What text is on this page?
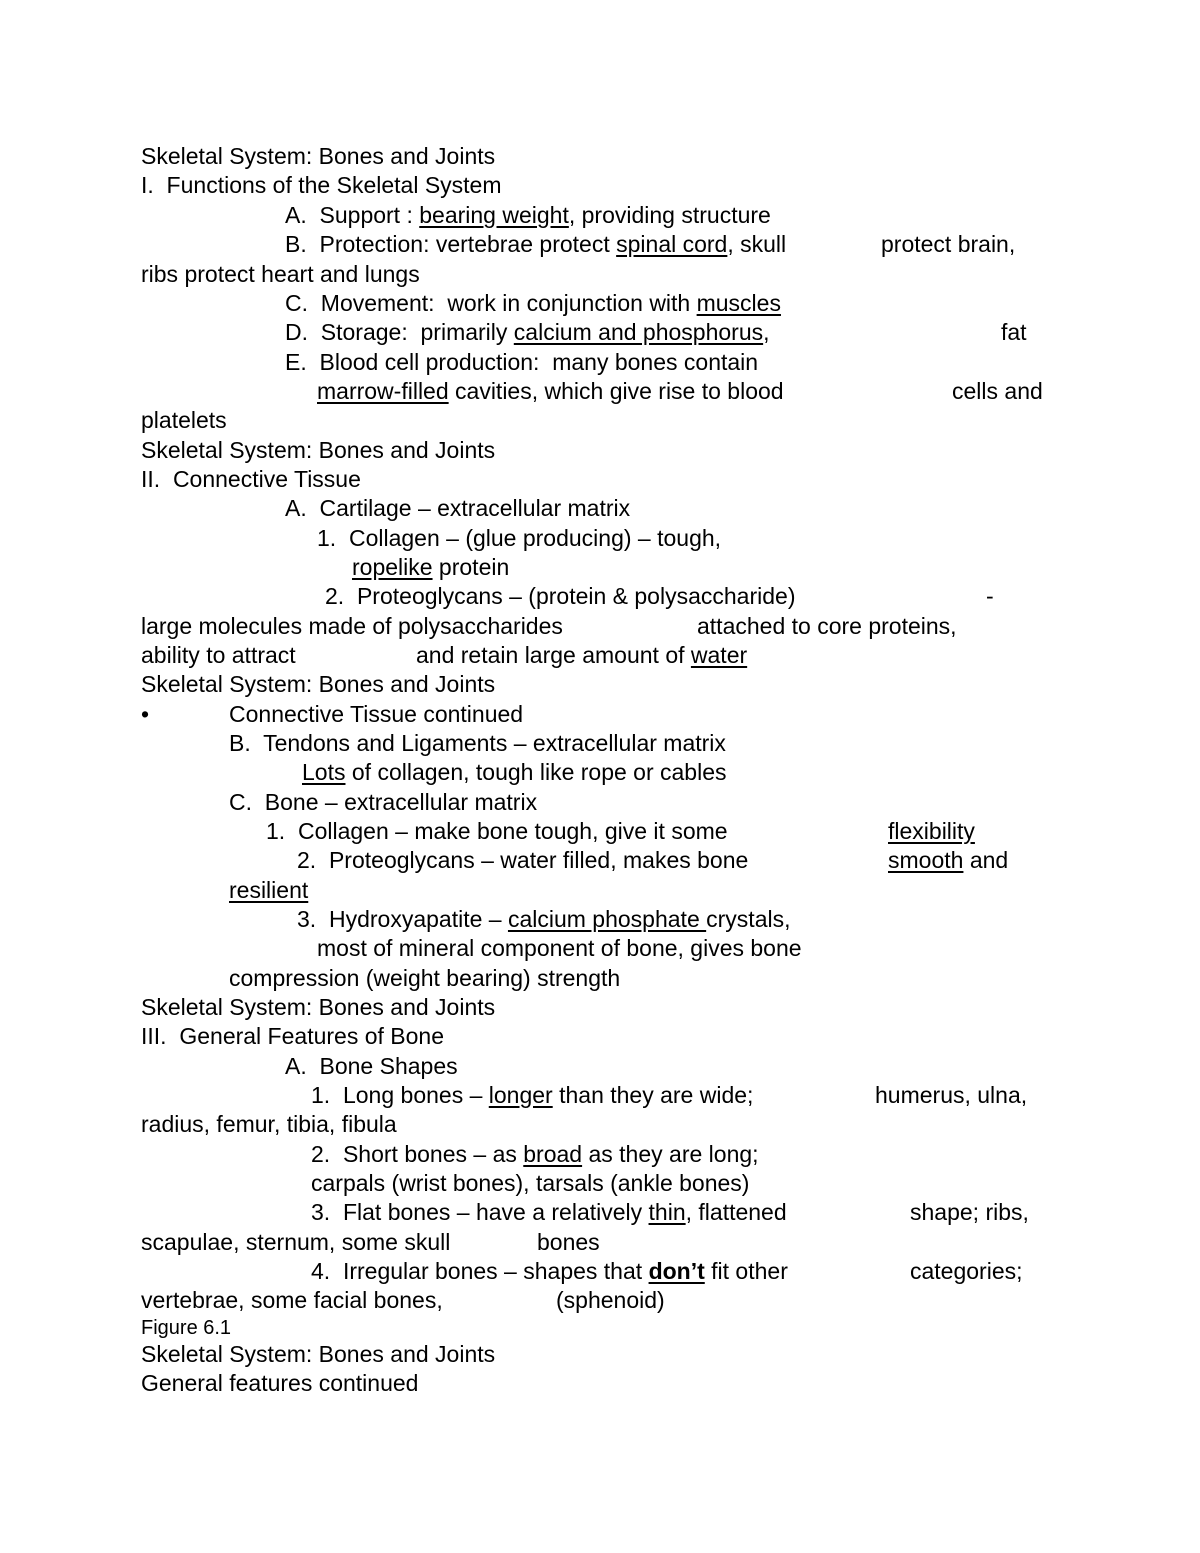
Skeletal System: Bones and Joints
I.  Functions of the Skeletal System
A. Support : bearing weight, providing structure
B. Protection: vertebrae protect spinal cord, skull	protect brain,
ribs protect heart and lungs
C. Movement:  work in conjunction with muscles
D. Storage:  primarily calcium and phosphorus,	fat
E. Blood cell production:  many bones contain
marrow-filled cavities, which give rise to blood	cells and
platelets
Skeletal System: Bones and Joints
II.  Connective Tissue
A.  Cartilage – extracellular matrix
1. Collagen – (glue producing) – tough,
ropelike protein
2. Proteoglycans – (protein & polysaccharide)	-
large molecules made of polysaccharides	attached to core proteins,
ability to attract	and retain large amount of water
Skeletal System: Bones and Joints
•	Connective Tissue continued
B.  Tendons and Ligaments – extracellular matrix
Lots of collagen, tough like rope or cables
C.  Bone – extracellular matrix
1. Collagen – make bone tough, give it some	flexibility
2. Proteoglycans – water filled, makes bone	smooth and
resilient
3. Hydroxyapatite – calcium phosphate crystals,
most of mineral component of bone, gives bone
compression (weight bearing) strength
Skeletal System: Bones and Joints
III.  General Features of Bone
A.  Bone Shapes
1. Long bones – longer than they are wide;	humerus, ulna,
radius, femur, tibia, fibula
2. Short bones – as broad as they are long;
carpals (wrist bones), tarsals (ankle bones)
3. Flat bones – have a relatively thin, flattened	shape; ribs,
scapulae, sternum, some skull	bones
4. Irregular bones – shapes that don’t fit other	categories;
vertebrae, some facial bones,	(sphenoid)
Figure 6.1
Skeletal System: Bones and Joints
General features continued
